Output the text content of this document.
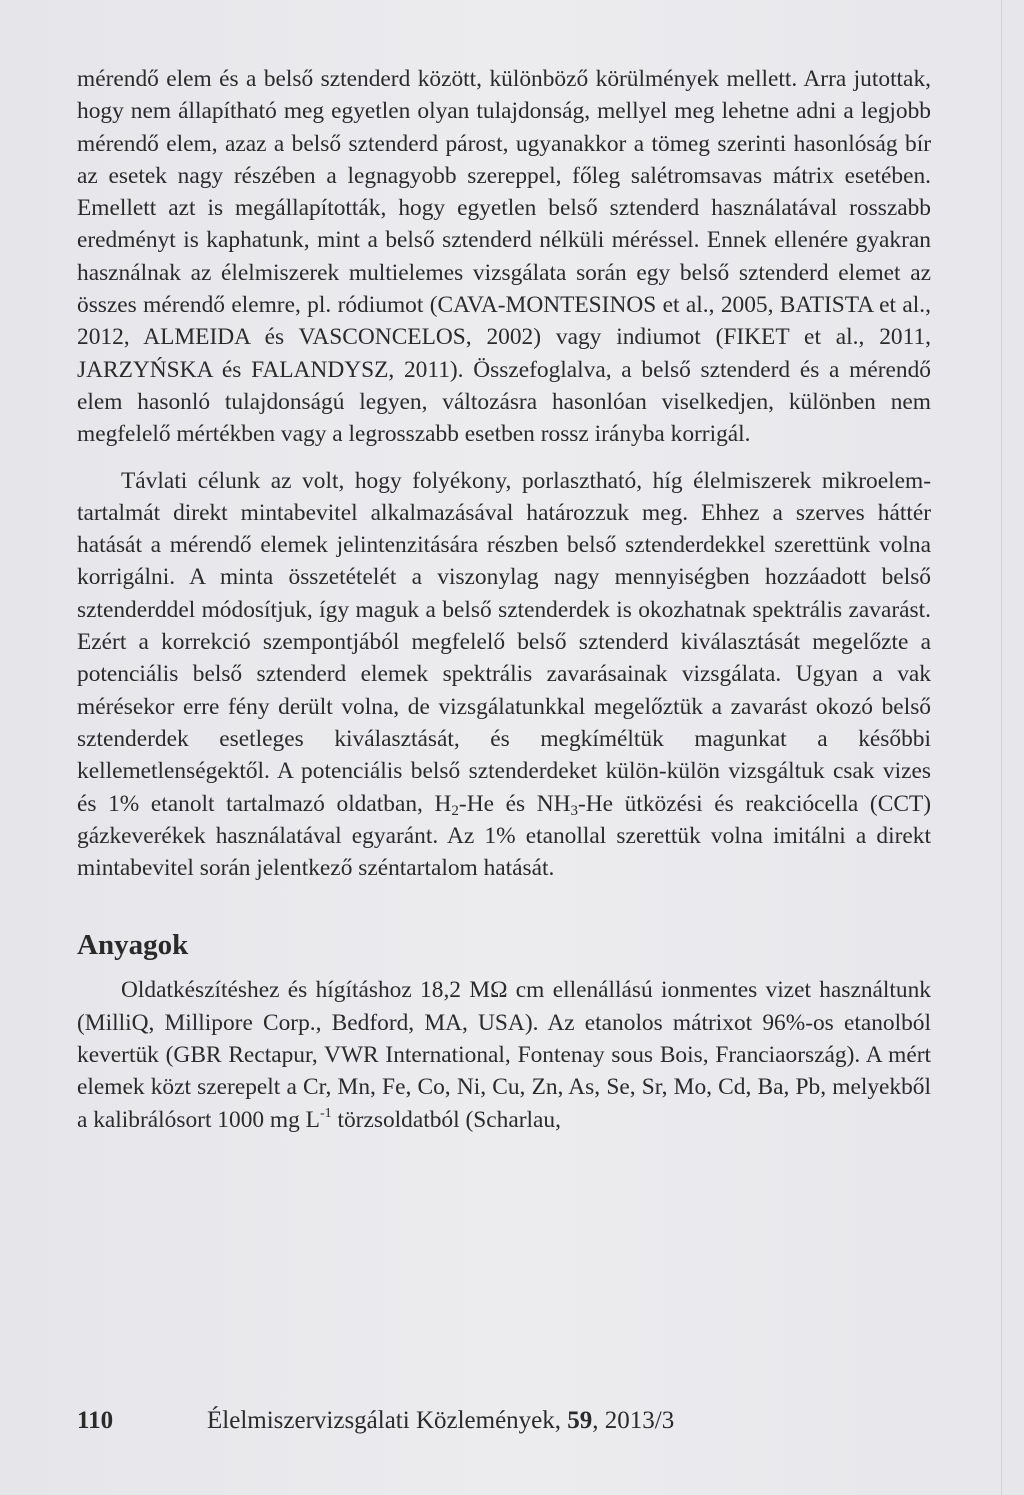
mérendő elem és a belső sztenderd között, különböző körülmények mellett. Arra jutottak, hogy nem állapítható meg egyetlen olyan tulajdonság, mellyel meg lehetne adni a legjobb mérendő elem, azaz a belső sztenderd párost, ugyanakkor a tömeg szerinti hasonlóság bír az esetek nagy részében a legnagyobb szereppel, főleg salétromsavas mátrix esetében. Emellett azt is megállapították, hogy egyetlen belső sztenderd használatával rosszabb eredményt is kaphatunk, mint a belső sztenderd nélküli méréssel. Ennek ellenére gyakran használnak az élelmiszerek multielemes vizsgálata során egy belső sztenderd elemet az összes mérendő elemre, pl. ródiumot (CAVA-MONTESINOS et al., 2005, BATISTA et al., 2012, ALMEIDA és VASCONCELOS, 2002) vagy indiumot (FIKET et al., 2011, JARZYŃSKA és FALANDYSZ, 2011). Összefoglalva, a belső sztenderd és a mérendő elem hasonló tulajdonságú legyen, változásra hasonlóan viselkedjen, különben nem megfelelő mértékben vagy a legrosszabb esetben rossz irányba korrigál.

Távlati célunk az volt, hogy folyékony, porlasztható, híg élelmiszerek mikroelem-tartalmát direkt mintabevitel alkalmazásával határozzuk meg. Ehhez a szerves háttér hatását a mérendő elemek jelintenzitására részben belső sztenderdekkel szerettünk volna korrigálni. A minta összetételét a viszonylag nagy mennyiségben hozzáadott belső sztenderddel módosítjuk, így maguk a belső sztenderdek is okozhatnak spektrális zavarást. Ezért a korrekció szempontjából megfelelő belső sztenderd kiválasztását megelőzte a potenciális belső sztenderd elemek spektrális zavarásainak vizsgálata. Ugyan a vak mérésekor erre fény derült volna, de vizsgálatunkkal megelőztük a zavarást okozó belső sztenderdek esetleges kiválasztását, és megkíméltük magunkat a későbbi kellemetlenségektől. A potenciális belső sztenderdeket külön-külön vizsgáltuk csak vizes és 1% etanolt tartalmazó oldatban, $H_2-He$ és $NH_3-He$ ütközési és reakciócella (CCT) gázkeverékek használatával egyaránt. Az 1% etanollal szerettük volna imitálni a direkt mintabevitel során jelentkező széntartalom hatását.

Anyagok

Oldatkészítéshez és hígításhoz 18,2 MΩ cm ellenállású ionmentes vizet használtunk (MilliQ, Millipore Corp., Bedford, MA, USA). Az etanolos mátrixot 96%-os etanolból kevertük (GBR Rectapur, VWR International, Fontenay sous Bois, Franciaország). A mért elemek közt szerepelt a Cr, Mn, Fe, Co, Ni, Cu, Zn, As, Se, Sr, Mo, Cd, Ba, Pb, melyekből a kalibrálósort 1000 mg $L^{-1}$ törzsoldatból (Scharlau,

110	Élelmiszervizsgálati Közlemények, 59, 2013/3
